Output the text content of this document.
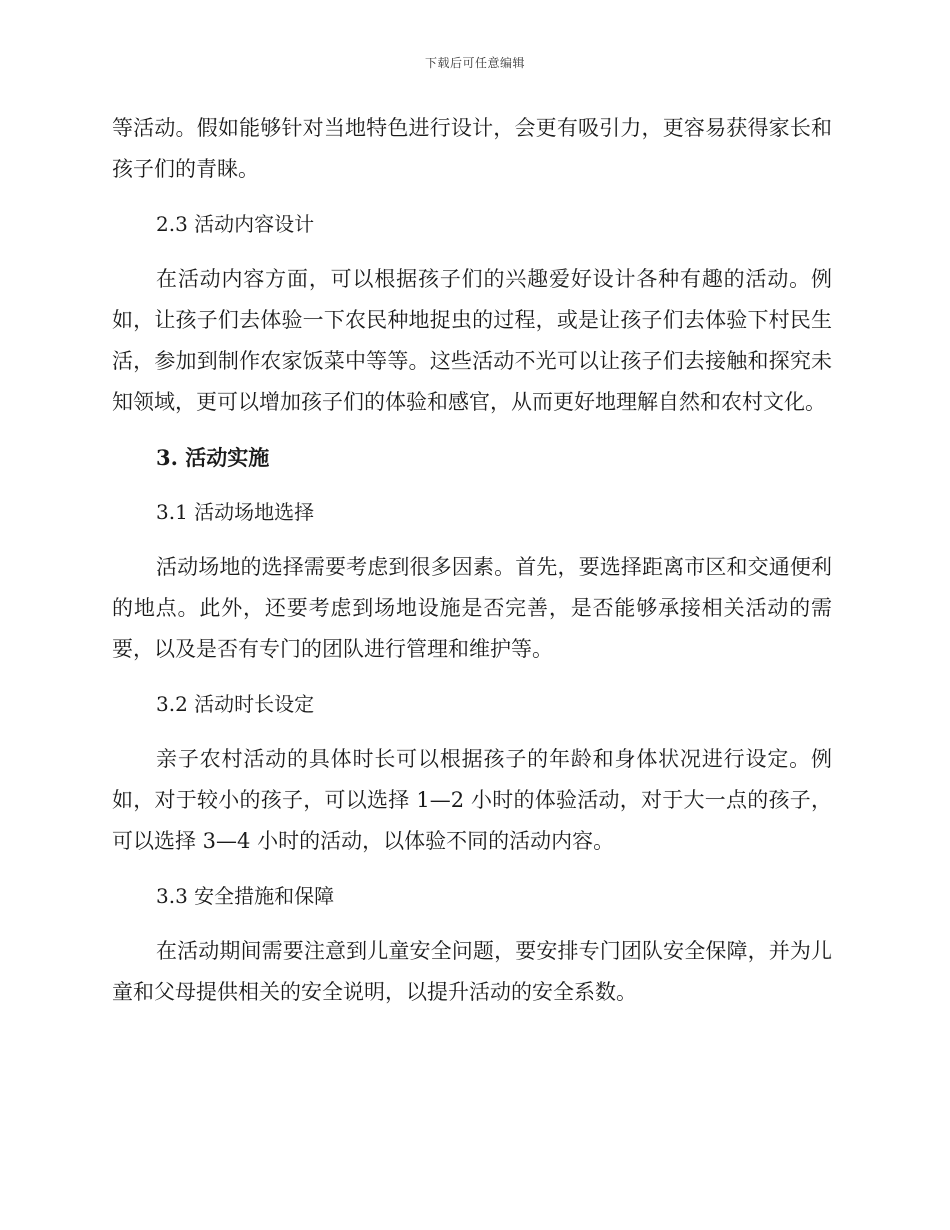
下载后可任意编辑

等活动。假如能够针对当地特色进行设计，会更有吸引力，更容易获得家长和孩子们的青睐。

2.3 活动内容设计

在活动内容方面，可以根据孩子们的兴趣爱好设计各种有趣的活动。例如，让孩子们去体验一下农民种地捉虫的过程，或是让孩子们去体验下村民生活，参加到制作农家饭菜中等等。这些活动不光可以让孩子们去接触和探究未知领域，更可以增加孩子们的体验和感官，从而更好地理解自然和农村文化。

3. 活动实施

3.1 活动场地选择

活动场地的选择需要考虑到很多因素。首先，要选择距离市区和交通便利的地点。此外，还要考虑到场地设施是否完善，是否能够承接相关活动的需要，以及是否有专门的团队进行管理和维护等。

3.2 活动时长设定

亲子农村活动的具体时长可以根据孩子的年龄和身体状况进行设定。例如，对于较小的孩子，可以选择 1—2 小时的体验活动，对于大一点的孩子，可以选择 3—4 小时的活动，以体验不同的活动内容。

3.3 安全措施和保障

在活动期间需要注意到儿童安全问题，要安排专门团队安全保障，并为儿童和父母提供相关的安全说明，以提升活动的安全系数。
